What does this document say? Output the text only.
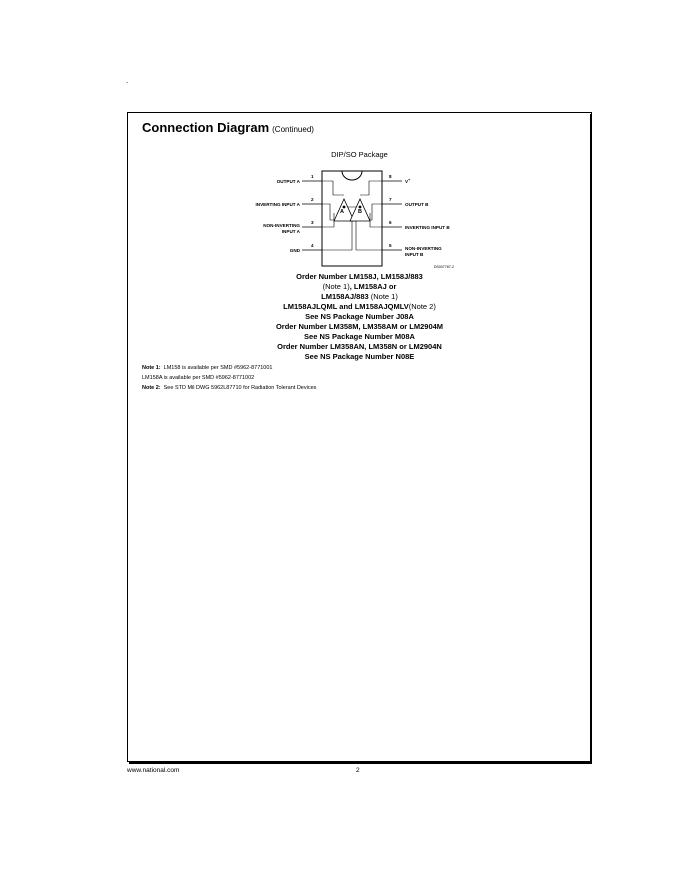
.
Connection Diagram (Continued)
DIP/SO Package
A	B
1
2
3
4
8
7
6
5
OUTPUT A
INVERTING INPUT A
NON-INVERTING
INPUT A
GND
V+
OUTPUT B
INVERTING INPUT B
NON-INVERTING
INPUT B
DS007787-2
Order Number LM158J, LM158J/883
(Note 1), LM158AJ or
LM158AJ/883 (Note 1)
LM158AJLQML and LM158AJQMLV(Note 2)
See NS Package Number J08A
Order Number LM358M, LM358AM or LM2904M
See NS Package Number M08A
Order Number LM358AN, LM358N or LM2904N
See NS Package Number N08E
Note 1: LM158 is available per SMD #5962-8771001
LM158A is available per SMD #5962-8771002
Note 2: See STD Mil DWG 5962L87710 for Radiation Tolerant Devices
www.national.com	2
